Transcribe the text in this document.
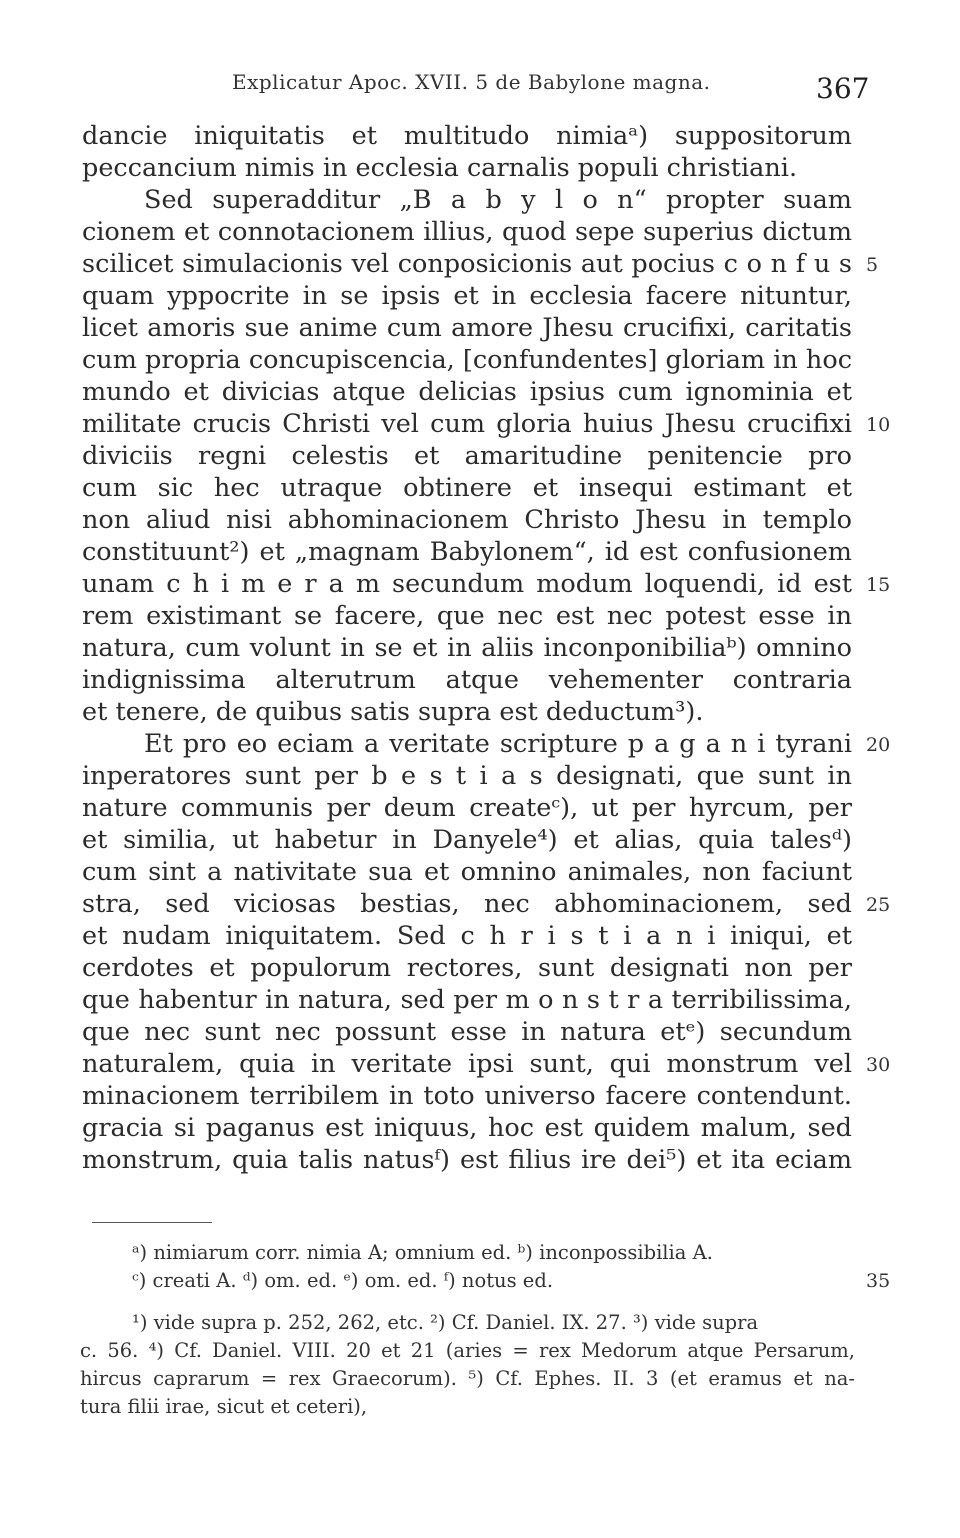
Explicatur Apoc. XVII. 5 de Babylone magna.	367
dancie iniquitatis et multitudo nimiaᵃ) suppositorum
peccancium nimis in ecclesia carnalis populi christiani.
Sed superadditur „B a b y l o n“ propter suam
cionem et connotacionem illius, quod sepe superius dictum
scilicet simulacionis vel conposicionis aut pocius c o n f u s
quam yppocrite in se ipsis et in ecclesia facere nituntur,
licet amoris sue anime cum amore Jhesu crucifixi, caritatis
cum propria concupiscencia, [confundentes] gloriam in hoc
mundo et divicias atque delicias ipsius cum ignominia et
militate crucis Christi vel cum gloria huius Jhesu crucifixi
diviciis regni celestis et amaritudine penitencie pro
cum sic hec utraque obtinere et insequi estimant et
non aliud nisi abhominacionem Christo Jhesu in templo
constituunt²) et „magnam Babylonem“, id est confusionem
unam c h i m e r a m secundum modum loquendi, id est
rem existimant se facere, que nec est nec potest esse in
natura, cum volunt in se et in aliis inconponibiliaᵇ) omnino
indignissima alterutrum atque vehementer contraria
et tenere, de quibus satis supra est deductum³).
Et pro eo eciam a veritate scripture p a g a n i tyrani
inperatores sunt per b e s t i a s designati, que sunt in
nature communis per deum createᶜ), ut per hyrcum, per
et similia, ut habetur in Danyele⁴) et alias, quia talesᵈ)
cum sint a nativitate sua et omnino animales, non faciunt
stra, sed viciosas bestias, nec abhominacionem, sed
et nudam iniquitatem. Sed c h r i s t i a n i iniqui, et
cerdotes et populorum rectores, sunt designati non per
que habentur in natura, sed per m o n s t r a terribilissima,
que nec sunt nec possunt esse in natura etᵉ) secundum
naturalem, quia in veritate ipsi sunt, qui monstrum vel
minacionem terribilem in toto universo facere contendunt.
gracia si paganus est iniquus, hoc est quidem malum, sed
monstrum, quia talis natusᶠ) est filius ire dei⁵) et ita eciam
5
10
15
20
25
30
ᵃ) nimiarum corr. nimia A; omnium ed. ᵇ) inconpossibilia A.
ᶜ) creati A. ᵈ) om. ed. ᵉ) om. ed. ᶠ) notus ed.	35
¹) vide supra p. 252, 262, etc. ²) Cf. Daniel. IX. 27. ³) vide supra
c. 56. ⁴) Cf. Daniel. VIII. 20 et 21 (aries = rex Medorum atque Persarum,
hircus caprarum = rex Graecorum). ⁵) Cf. Ephes. II. 3 (et eramus et na-
tura filii irae, sicut et ceteri),
